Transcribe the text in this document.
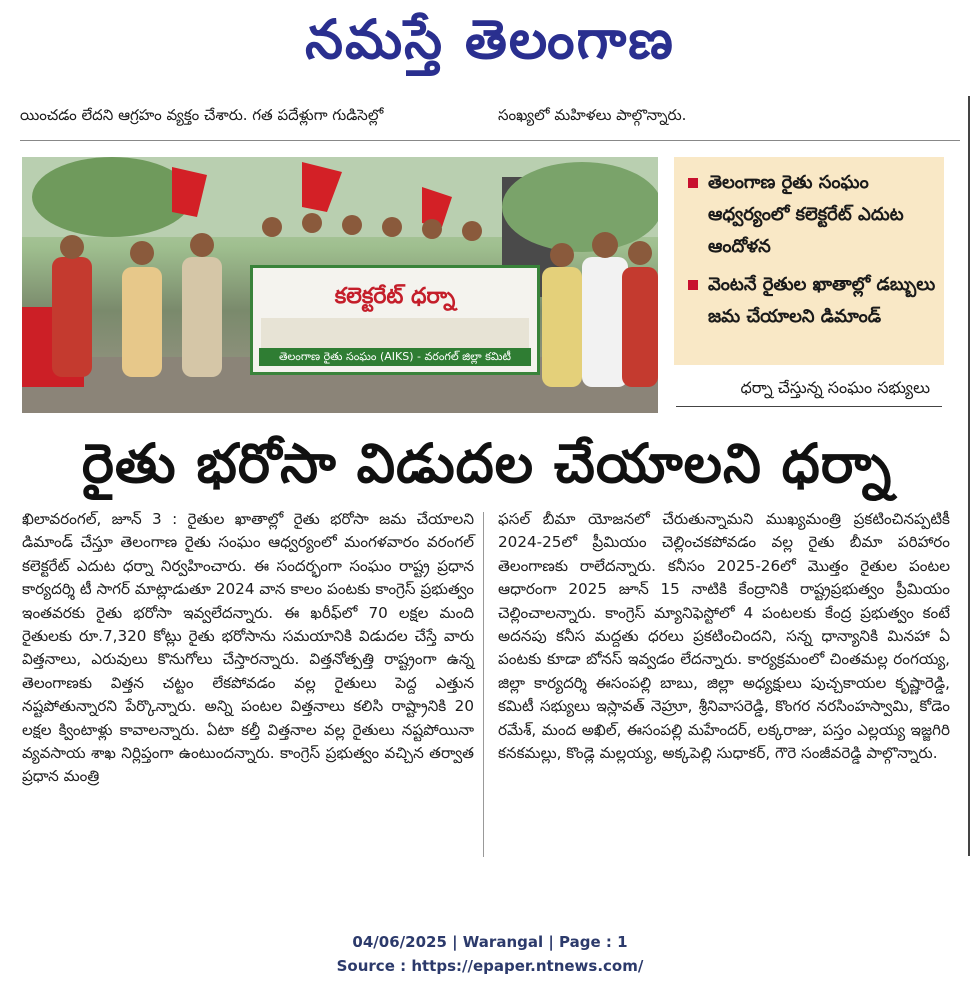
నమస్తే తెలంగాణ
యించడం లేదని ఆగ్రహం వ్యక్తం చేశారు. గత పదేళ్లుగా గుడిసెల్లో	సంఖ్యలో మహిళలు పాల్గొన్నారు.
కలెక్టరేట్ ధర్నా
తెలంగాణ రైతు సంఘం (AIKS) - వరంగల్ జిల్లా కమిటీ
తెలంగాణ రైతు సంఘం ఆధ్వర్యంలో కలెక్టరేట్ ఎదుట ఆందోళన
వెంటనే రైతుల ఖాతాల్లో డబ్బులు జమ చేయాలని డిమాండ్
ధర్నా చేస్తున్న సంఘం సభ్యులు
రైతు భరోసా విడుదల చేయాలని ధర్నా
ఖిలావరంగల్, జూన్ 3 : రైతుల ఖాతాల్లో రైతు భరోసా జమ చేయాలని డిమాండ్ చేస్తూ తెలంగాణ రైతు సంఘం ఆధ్వర్యంలో మంగళవారం వరంగల్ కలెక్టరేట్ ఎదుట ధర్నా నిర్వహించారు. ఈ సందర్భంగా సంఘం రాష్ట్ర ప్రధాన కార్యదర్శి టీ సాగర్ మాట్లాడుతూ 2024 వాన కాలం పంటకు కాంగ్రెస్ ప్రభుత్వం ఇంతవరకు రైతు భరోసా ఇవ్వలేదన్నారు. ఈ ఖరీఫ్‌లో 70 లక్షల మంది రైతులకు రూ.7,320 కోట్లు రైతు భరోసాను సమయానికి విడుదల చేస్తే వారు విత్తనాలు, ఎరువులు కొనుగోలు చేస్తారన్నారు. విత్తనోత్పత్తి రాష్ట్రంగా ఉన్న తెలంగాణకు విత్తన చట్టం లేకపోవడం వల్ల రైతులు పెద్ద ఎత్తున నష్టపోతున్నారని పేర్కొన్నారు. అన్ని పంటల విత్తనాలు కలిసి రాష్ట్రానికి 20 లక్షల క్వింటాళ్లు కావాలన్నారు. ఏటా కల్తీ విత్తనాల వల్ల రైతులు నష్టపోయినా వ్యవసాయ శాఖ నిర్లిప్తంగా ఉంటుందన్నారు. కాంగ్రెస్ ప్రభుత్వం వచ్చిన తర్వాత ప్రధాన మంత్రి
ఫసల్ బీమా యోజనలో చేరుతున్నామని ముఖ్యమంత్రి ప్రకటించినప్పటికీ 2024-25లో ప్రీమియం చెల్లించకపోవడం వల్ల రైతు బీమా పరిహారం తెలంగాణకు రాలేదన్నారు. కనీసం 2025-26లో మొత్తం రైతుల పంటల ఆధారంగా 2025 జూన్ 15 నాటికి కేంద్రానికి రాష్ట్రప్రభుత్వం ప్రీమియం చెల్లించాలన్నారు. కాంగ్రెస్ మ్యానిఫెస్టోలో 4 పంటలకు కేంద్ర ప్రభుత్వం కంటే అదనపు కనీస మద్దతు ధరలు ప్రకటించిందని, సన్న ధాన్యానికి మినహా ఏ పంటకు కూడా బోనస్ ఇవ్వడం లేదన్నారు. కార్యక్రమంలో చింతమల్ల రంగయ్య, జిల్లా కార్యదర్శి ఈసంపల్లి బాబు, జిల్లా అధ్యక్షులు పుచ్చకాయల కృష్ణారెడ్డి, కమిటీ సభ్యులు ఇస్లావత్ నెహ్రూ, శ్రీనివాసరెడ్డి, కొంగర నరసింహస్వామి, కోడెం రమేశ్, మంద అఖిల్, ఈసంపల్లి మహేందర్, లక్కరాజు, పస్తం ఎల్లయ్య ఇజ్జగిరి కనకమల్లు, కొండ్లె మల్లయ్య, అక్కపెల్లి సుధాకర్, గౌరె సంజీవరెడ్డి పాల్గొన్నారు.
04/06/2025 | Warangal | Page : 1
Source : https://epaper.ntnews.com/
